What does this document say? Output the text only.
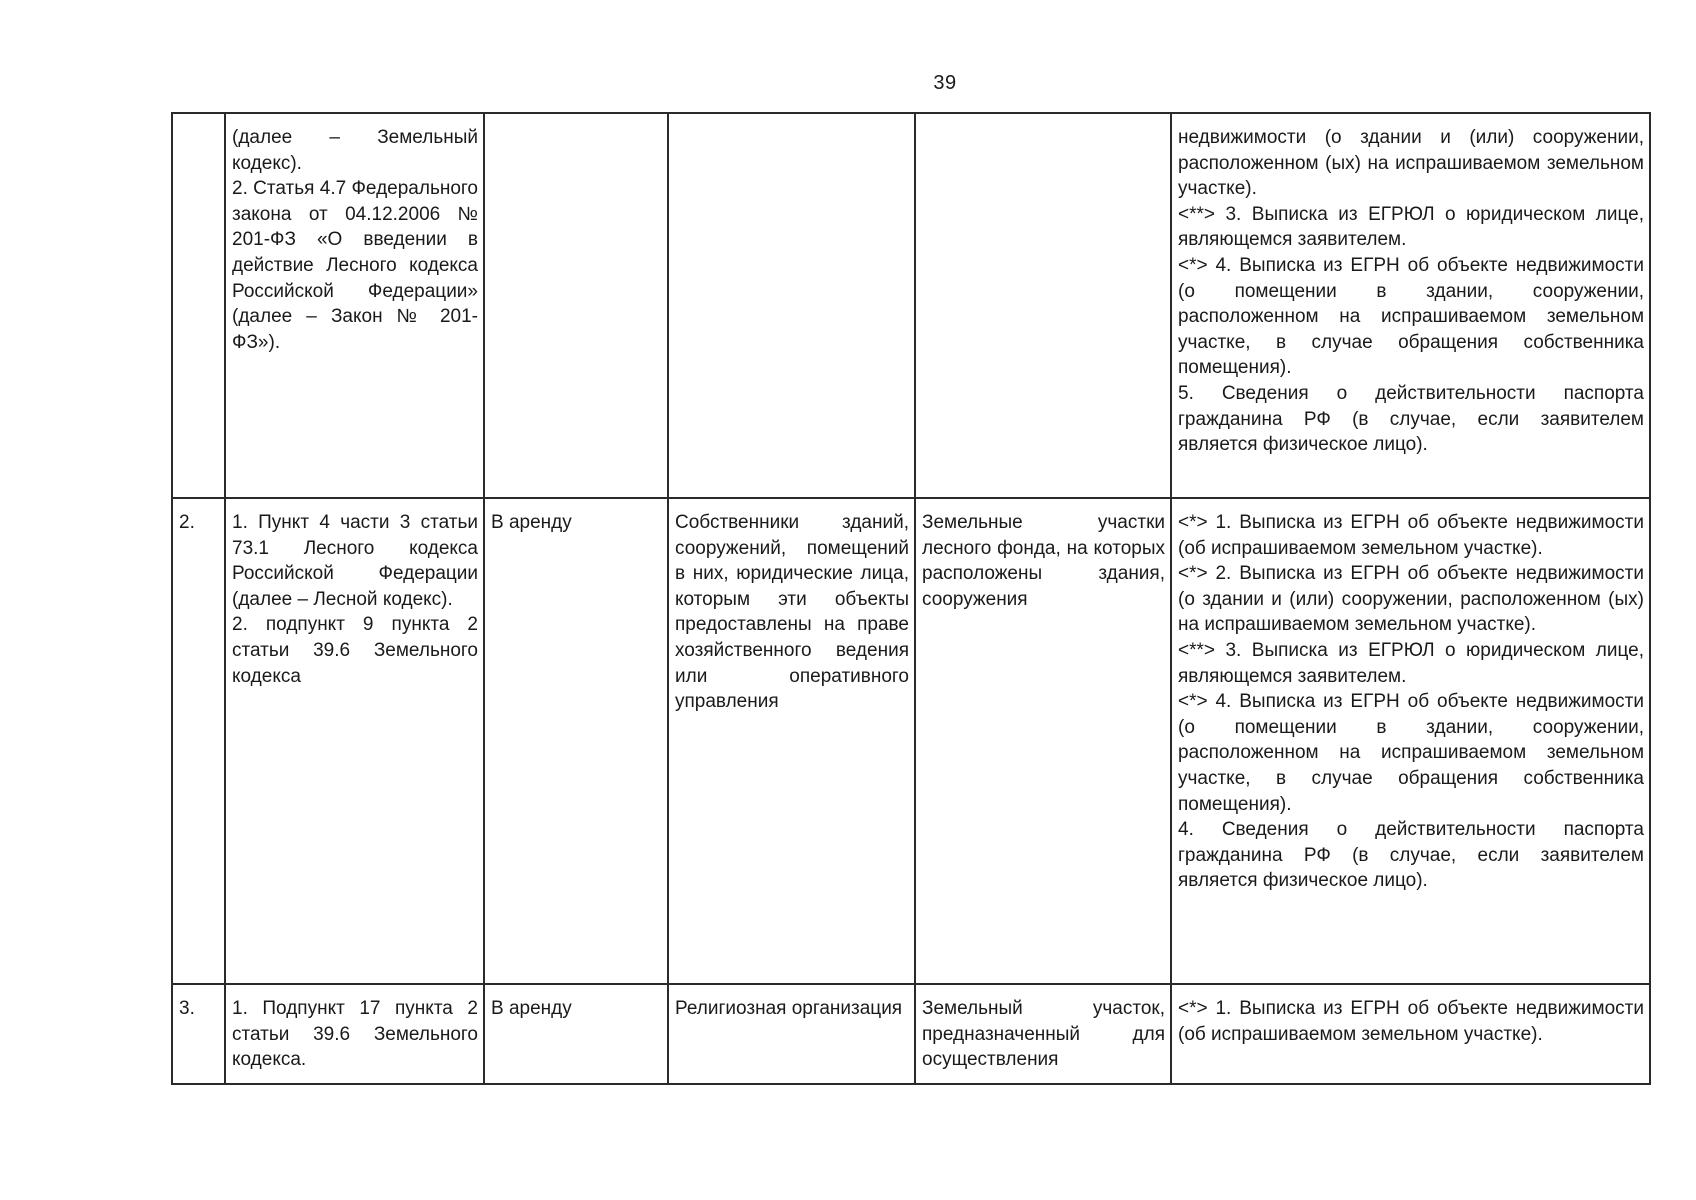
39

	(далее – Земельный кодекс).
2. Статья 4.7 Федерального закона от 04.12.2006 № 201-ФЗ «О введении в действие Лесного кодекса Российской Федерации» (далее – Закон № 201-ФЗ»).				недвижимости (о здании и (или) сооружении, расположенном (ых) на испрашиваемом земельном участке).
<**> 3. Выписка из ЕГРЮЛ о юридическом лице, являющемся заявителем.
<*> 4. Выписка из ЕГРН об объекте недвижимости (о помещении в здании, сооружении, расположенном на испрашиваемом земельном участке, в случае обращения собственника помещения).
5. Сведения о действительности паспорта гражданина РФ (в случае, если заявителем является физическое лицо).

2.	1. Пункт 4 части 3 статьи 73.1 Лесного кодекса Российской Федерации (далее – Лесной кодекс).
2. подпункт 9 пункта 2 статьи 39.6 Земельного кодекса	В аренду	Собственники зданий, сооружений, помещений в них, юридические лица, которым эти объекты предоставлены на праве хозяйственного ведения или оперативного управления	Земельные участки лесного фонда, на которых расположены здания, сооружения	<*> 1. Выписка из ЕГРН об объекте недвижимости (об испрашиваемом земельном участке).
<*> 2. Выписка из ЕГРН об объекте недвижимости (о здании и (или) сооружении, расположенном (ых) на испрашиваемом земельном участке).
<**> 3. Выписка из ЕГРЮЛ о юридическом лице, являющемся заявителем.
<*> 4. Выписка из ЕГРН об объекте недвижимости (о помещении в здании, сооружении, расположенном на испрашиваемом земельном участке, в случае обращения собственника помещения).
4. Сведения о действительности паспорта гражданина РФ (в случае, если заявителем является физическое лицо).

3.	1. Подпункт 17 пункта 2 статьи 39.6 Земельного кодекса.	В аренду	Религиозная организация	Земельный участок, предназначенный для осуществления	<*> 1. Выписка из ЕГРН об объекте недвижимости (об испрашиваемом земельном участке).
